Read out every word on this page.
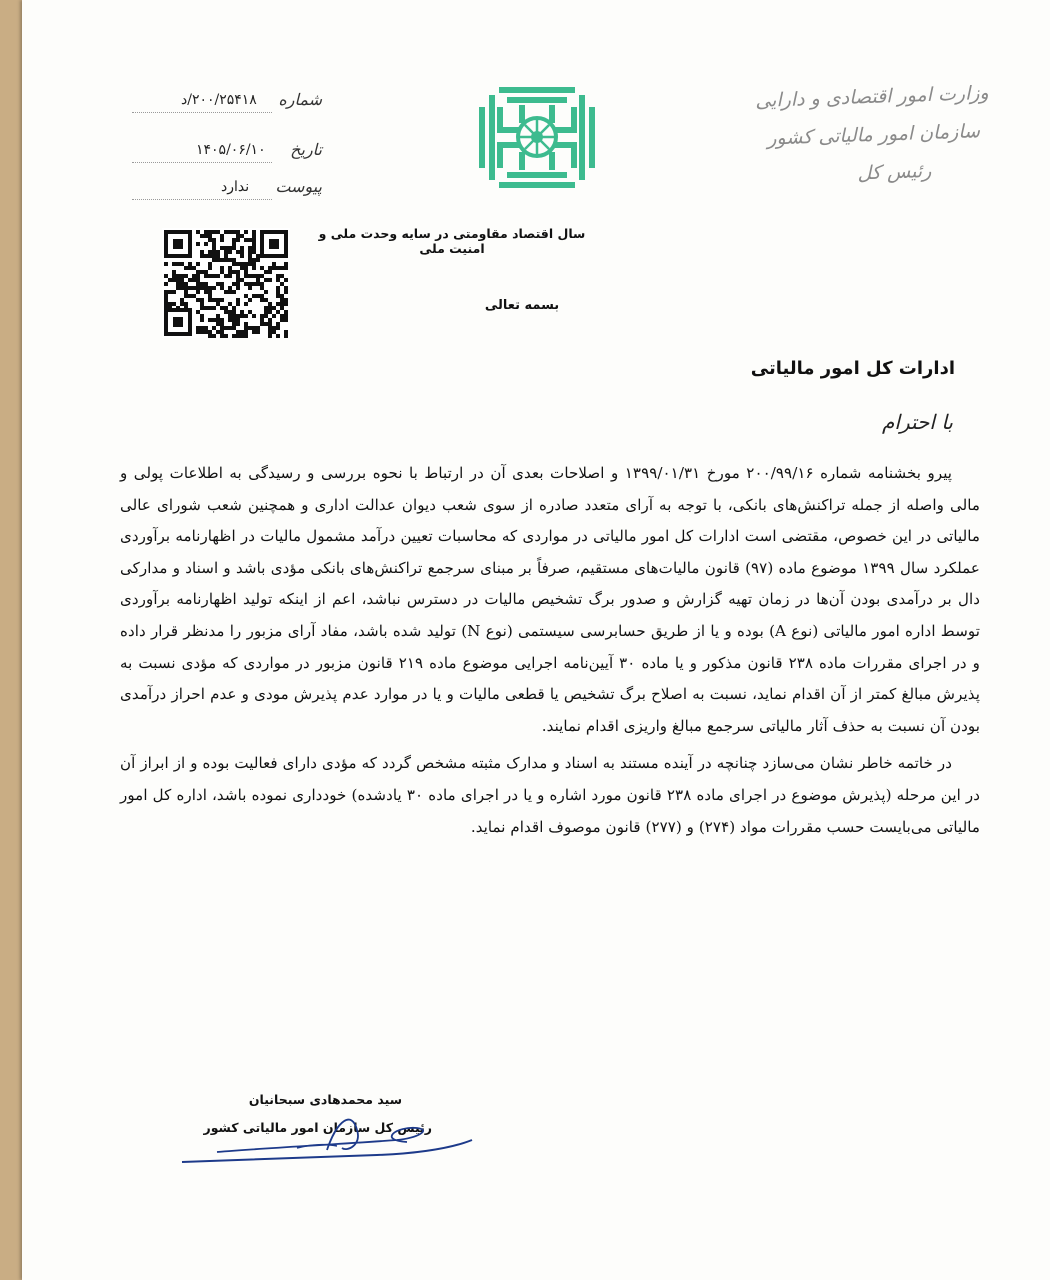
شماره
۲۰۰/۲۵۴۱۸/د
تاریخ
۱۴۰۵/۰۶/۱۰
پیوست
ندارد
وزارت امور اقتصادی و دارایی
سازمان امور مالیاتی کشور
رئیس کل
سال اقتصاد مقاومتی در سایه وحدت ملی و امنیت ملی
بسمه تعالی
ادارات کل امور مالیاتی
با احترام

پیرو بخشنامه شماره ۲۰۰/۹۹/۱۶ مورخ ۱۳۹۹/۰۱/۳۱ و اصلاحات بعدی آن در ارتباط با نحوه بررسی و رسیدگی به اطلاعات پولی و مالی واصله از جمله تراکنش‌های بانکی، با توجه به آرای متعدد صادره از سوی شعب دیوان عدالت اداری و همچنین شعب شورای عالی مالیاتی در این خصوص، مقتضی است ادارات کل امور مالیاتی در مواردی که محاسبات تعیین درآمد مشمول مالیات در اظهارنامه برآوردی عملکرد سال ۱۳۹۹ موضوع ماده (۹۷) قانون مالیات‌های مستقیم، صرفاً بر مبنای سرجمع تراکنش‌های بانکی مؤدی باشد و اسناد و مدارکی دال بر درآمدی بودن آن‌ها در زمان تهیه گزارش و صدور برگ تشخیص مالیات در دسترس نباشد، اعم از اینکه تولید اظهارنامه برآوردی توسط اداره امور مالیاتی (نوع A) بوده و یا از طریق حسابرسی سیستمی (نوع N) تولید شده باشد، مفاد آرای مزبور را مدنظر قرار داده و در اجرای مقررات ماده ۲۳۸ قانون مذکور و یا ماده ۳۰ آیین‌نامه اجرایی موضوع ماده ۲۱۹ قانون مزبور در مواردی که مؤدی نسبت به پذیرش مبالغ کمتر از آن اقدام نماید، نسبت به اصلاح برگ تشخیص یا قطعی مالیات و یا در موارد عدم پذیرش مودی و عدم احراز درآمدی بودن آن نسبت به حذف آثار مالیاتی سرجمع مبالغ واریزی اقدام نمایند.

در خاتمه خاطر نشان می‌سازد چنانچه در آینده مستند به اسناد و مدارک مثبته مشخص گردد که مؤدی دارای فعالیت بوده و از ابراز آن در این مرحله (پذیرش موضوع در اجرای ماده ۲۳۸ قانون مورد اشاره و یا در اجرای ماده ۳۰ یادشده) خودداری نموده باشد، اداره کل امور مالیاتی می‌بایست حسب مقررات مواد (۲۷۴) و (۲۷۷) قانون موصوف اقدام نماید.

سید محمدهادی سبحانیان
رئیس کل سازمان امور مالیاتی کشور
